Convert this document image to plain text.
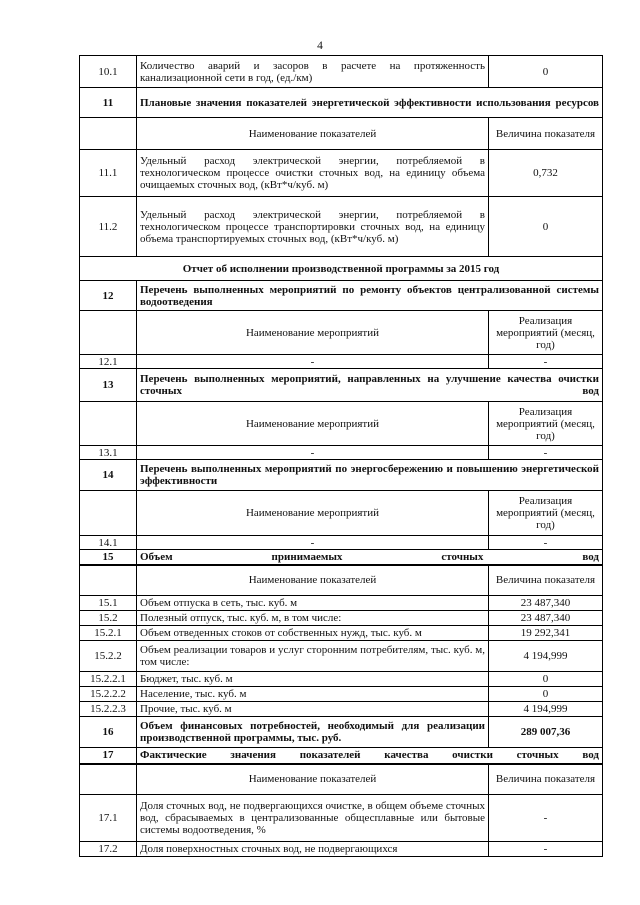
4
10.1	Количество аварий и засоров в расчете на протяженность канализационной сети в год, (ед./км)	0
11	Плановые значения показателей энергетической эффективности использования ресурсов	
	Наименование показателей	Величина показателя
11.1	Удельный расход электрической энергии, потребляемой в технологическом процессе очистки сточных вод, на единицу объема очищаемых сточных вод, (кВт*ч/куб. м)	0,732
11.2	Удельный расход электрической энергии, потребляемой в технологическом процессе транспортировки сточных вод, на единицу объема транспортируемых сточных вод, (кВт*ч/куб. м)	0
Отчет об исполнении производственной программы за 2015 год		
12	Перечень выполненных мероприятий по ремонту объектов централизованной системы водоотведения	
	Наименование мероприятий	Реализация мероприятий (месяц, год)
12.1	-	-
13	Перечень выполненных мероприятий, направленных на улучшение качества очистки сточных вод	
	Наименование мероприятий	Реализация мероприятий (месяц, год)
13.1	-	-
14	Перечень выполненных мероприятий по энергосбережению и повышению энергетической эффективности	
	Наименование мероприятий	Реализация мероприятий (месяц, год)
14.1	-	-
15	Объем принимаемых сточных вод	
	Наименование показателей	Величина показателя
15.1	Объем отпуска в сеть, тыс. куб. м	23 487,340
15.2	Полезный отпуск, тыс. куб. м, в том числе:	23 487,340
15.2.1	Объем отведенных стоков от собственных нужд, тыс. куб. м	19 292,341
15.2.2	Объем реализации товаров и услуг сторонним потребителям, тыс. куб. м, том числе:	4 194,999
15.2.2.1	Бюджет, тыс. куб. м	0
15.2.2.2	Население, тыс. куб. м	0
15.2.2.3	Прочие, тыс. куб. м	4 194,999
16	Объем финансовых потребностей, необходимый для реализации производственной программы, тыс. руб.	289 007,36
17	Фактические значения показателей качества очистки сточных вод	
	Наименование показателей	Величина показателя
17.1	Доля сточных вод, не подвергающихся очистке, в общем объеме сточных вод, сбрасываемых в централизованные общесплавные или бытовые системы водоотведения, %	-
17.2	Доля поверхностных сточных вод, не подвергающихся	-
